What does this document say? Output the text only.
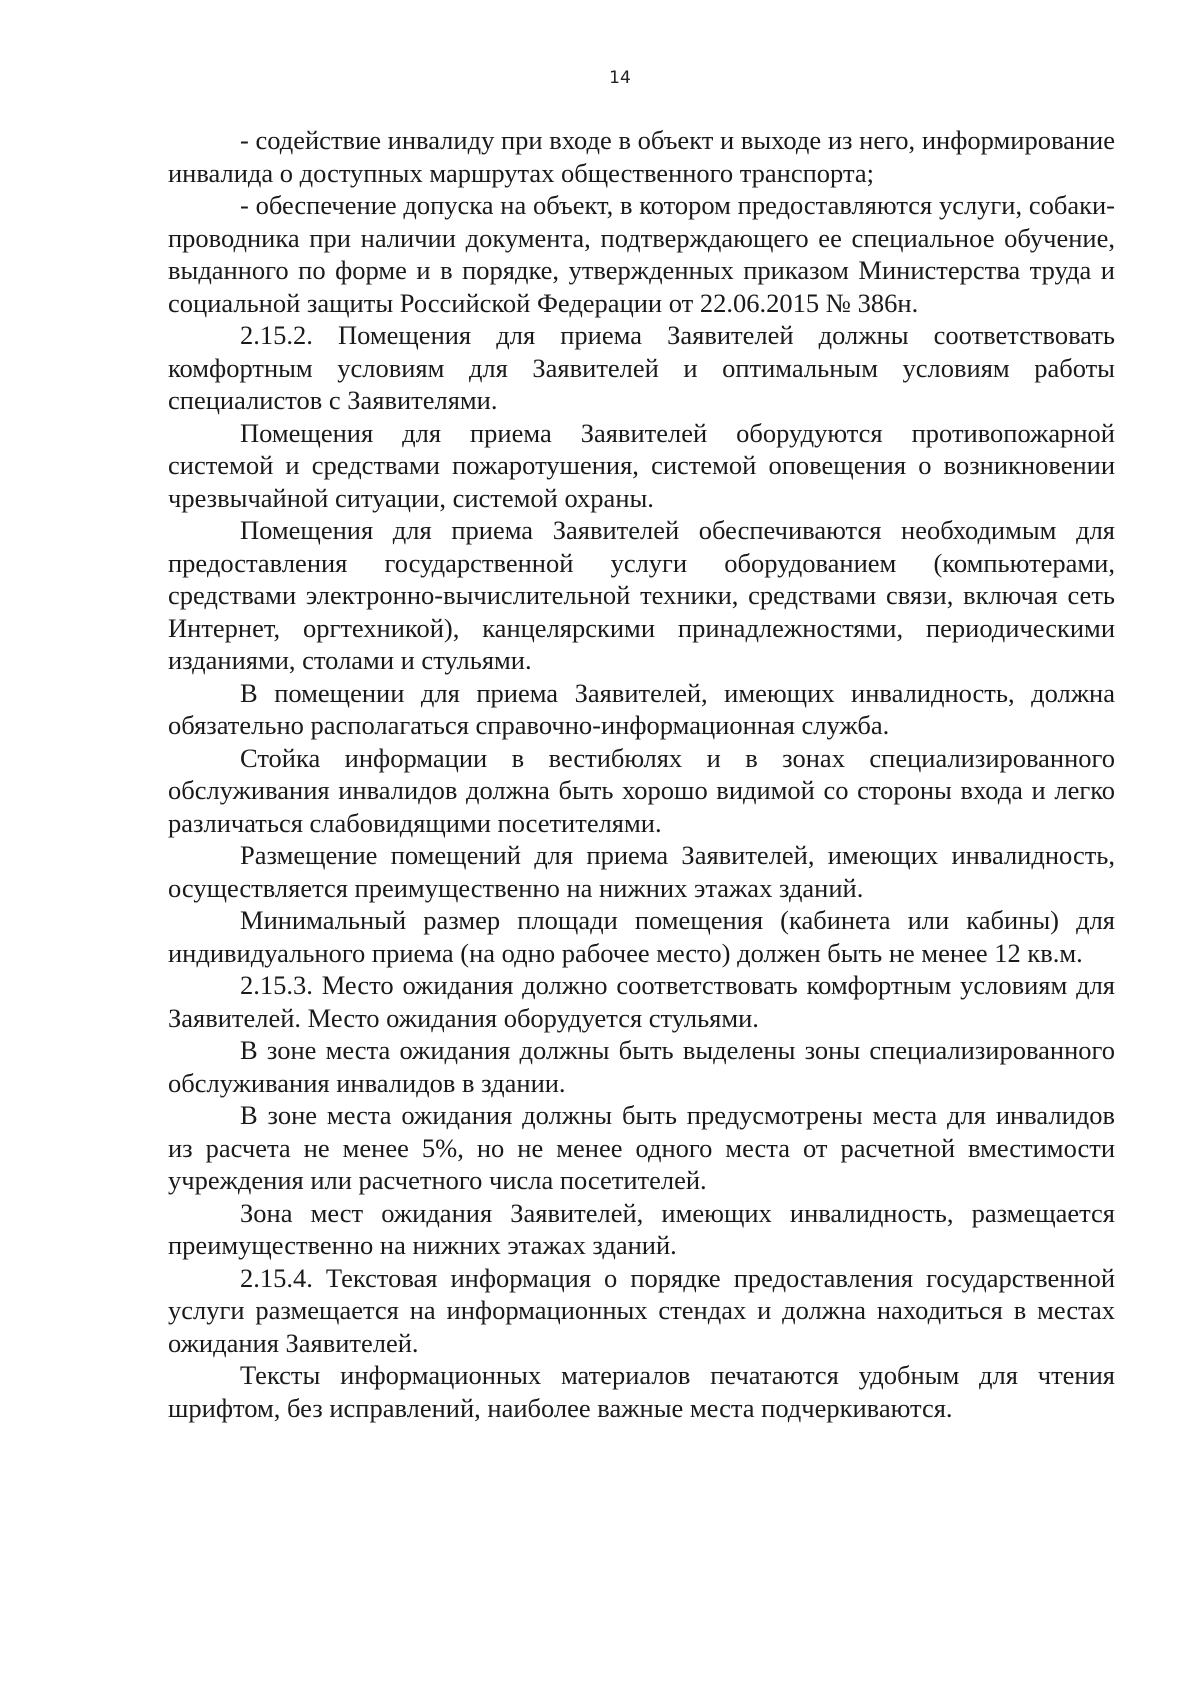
14

- содействие инвалиду при входе в объект и выходе из него, информирование инвалида о доступных маршрутах общественного транспорта;

- обеспечение допуска на объект, в котором предоставляются услуги, собаки-проводника при наличии документа, подтверждающего ее специальное обучение, выданного по форме и в порядке, утвержденных приказом Министерства труда и социальной защиты Российской Федерации от 22.06.2015 № 386н.

2.15.2. Помещения для приема Заявителей должны соответствовать комфортным условиям для Заявителей и оптимальным условиям работы специалистов с Заявителями.

Помещения для приема Заявителей оборудуются противопожарной системой и средствами пожаротушения, системой оповещения о возникновении чрезвычайной ситуации, системой охраны.

Помещения для приема Заявителей обеспечиваются необходимым для предоставления государственной услуги оборудованием (компьютерами, средствами электронно-вычислительной техники, средствами связи, включая сеть Интернет, оргтехникой), канцелярскими принадлежностями, периодическими изданиями, столами и стульями.

В помещении для приема Заявителей, имеющих инвалидность, должна обязательно располагаться справочно-информационная служба.

Стойка информации в вестибюлях и в зонах специализированного обслуживания инвалидов должна быть хорошо видимой со стороны входа и легко различаться слабовидящими посетителями.

Размещение помещений для приема Заявителей, имеющих инвалидность, осуществляется преимущественно на нижних этажах зданий.

Минимальный размер площади помещения (кабинета или кабины) для индивидуального приема (на одно рабочее место) должен быть не менее 12 кв.м.

2.15.3. Место ожидания должно соответствовать комфортным условиям для Заявителей. Место ожидания оборудуется стульями.

В зоне места ожидания должны быть выделены зоны специализированного обслуживания инвалидов в здании.

В зоне места ожидания должны быть предусмотрены места для инвалидов из расчета не менее 5%, но не менее одного места от расчетной вместимости учреждения или расчетного числа посетителей.

Зона мест ожидания Заявителей, имеющих инвалидность, размещается преимущественно на нижних этажах зданий.

2.15.4. Текстовая информация о порядке предоставления государственной услуги размещается на информационных стендах и должна находиться в местах ожидания Заявителей.

Тексты информационных материалов печатаются удобным для чтения шрифтом, без исправлений, наиболее важные места подчеркиваются.
